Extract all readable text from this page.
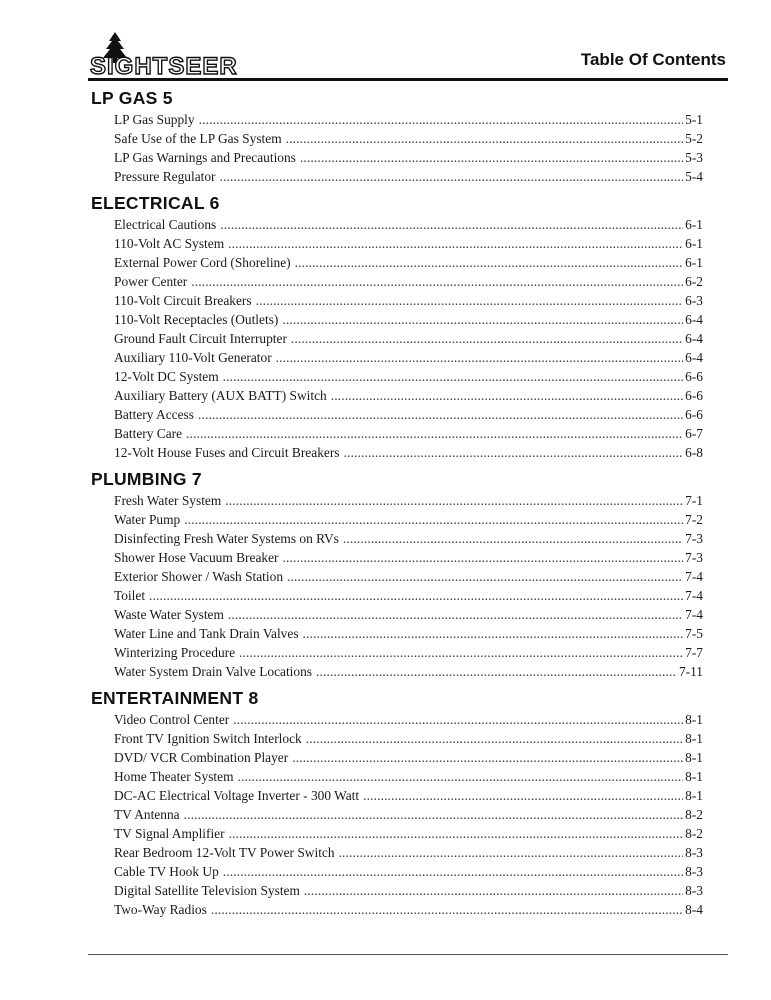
SIGHTSEER	Table Of Contents
LP GAS 5
LP Gas Supply . . .	5-1
Safe Use of the LP Gas System . . .	5-2
LP Gas Warnings and Precautions . . .	5-3
Pressure Regulator . . .	5-4
ELECTRICAL 6
Electrical Cautions . . .	6-1
110-Volt AC System . . .	6-1
External Power Cord (Shoreline) . . .	6-1
Power Center . . .	6-2
110-Volt Circuit Breakers . . .	6-3
110-Volt Receptacles (Outlets) . . .	6-4
Ground Fault Circuit Interrupter . . .	6-4
Auxiliary 110-Volt Generator . . .	6-4
12-Volt DC System . . .	6-6
Auxiliary Battery (AUX BATT) Switch . . .	6-6
Battery Access . . .	6-6
Battery Care . . .	6-7
12-Volt House Fuses and Circuit Breakers . . .	6-8
PLUMBING 7
Fresh Water System . . .	7-1
Water Pump . . .	7-2
Disinfecting Fresh Water Systems on RVs . . .	7-3
Shower Hose Vacuum Breaker . . .	7-3
Exterior Shower / Wash Station . . .	7-4
Toilet . . .	7-4
Waste Water System . . .	7-4
Water Line and Tank Drain Valves . . .	7-5
Winterizing Procedure . . .	7-7
Water System Drain Valve Locations . . .	7-11
ENTERTAINMENT 8
Video Control Center . . .	8-1
Front TV Ignition Switch Interlock . . .	8-1
DVD/ VCR Combination Player . . .	8-1
Home Theater System . . .	8-1
DC-AC Electrical Voltage Inverter - 300 Watt . . .	8-1
TV Antenna . . .	8-2
TV Signal Amplifier . . .	8-2
Rear Bedroom 12-Volt TV Power Switch . . .	8-3
Cable TV Hook Up . . .	8-3
Digital Satellite Television System . . .	8-3
Two-Way Radios . . .	8-4
